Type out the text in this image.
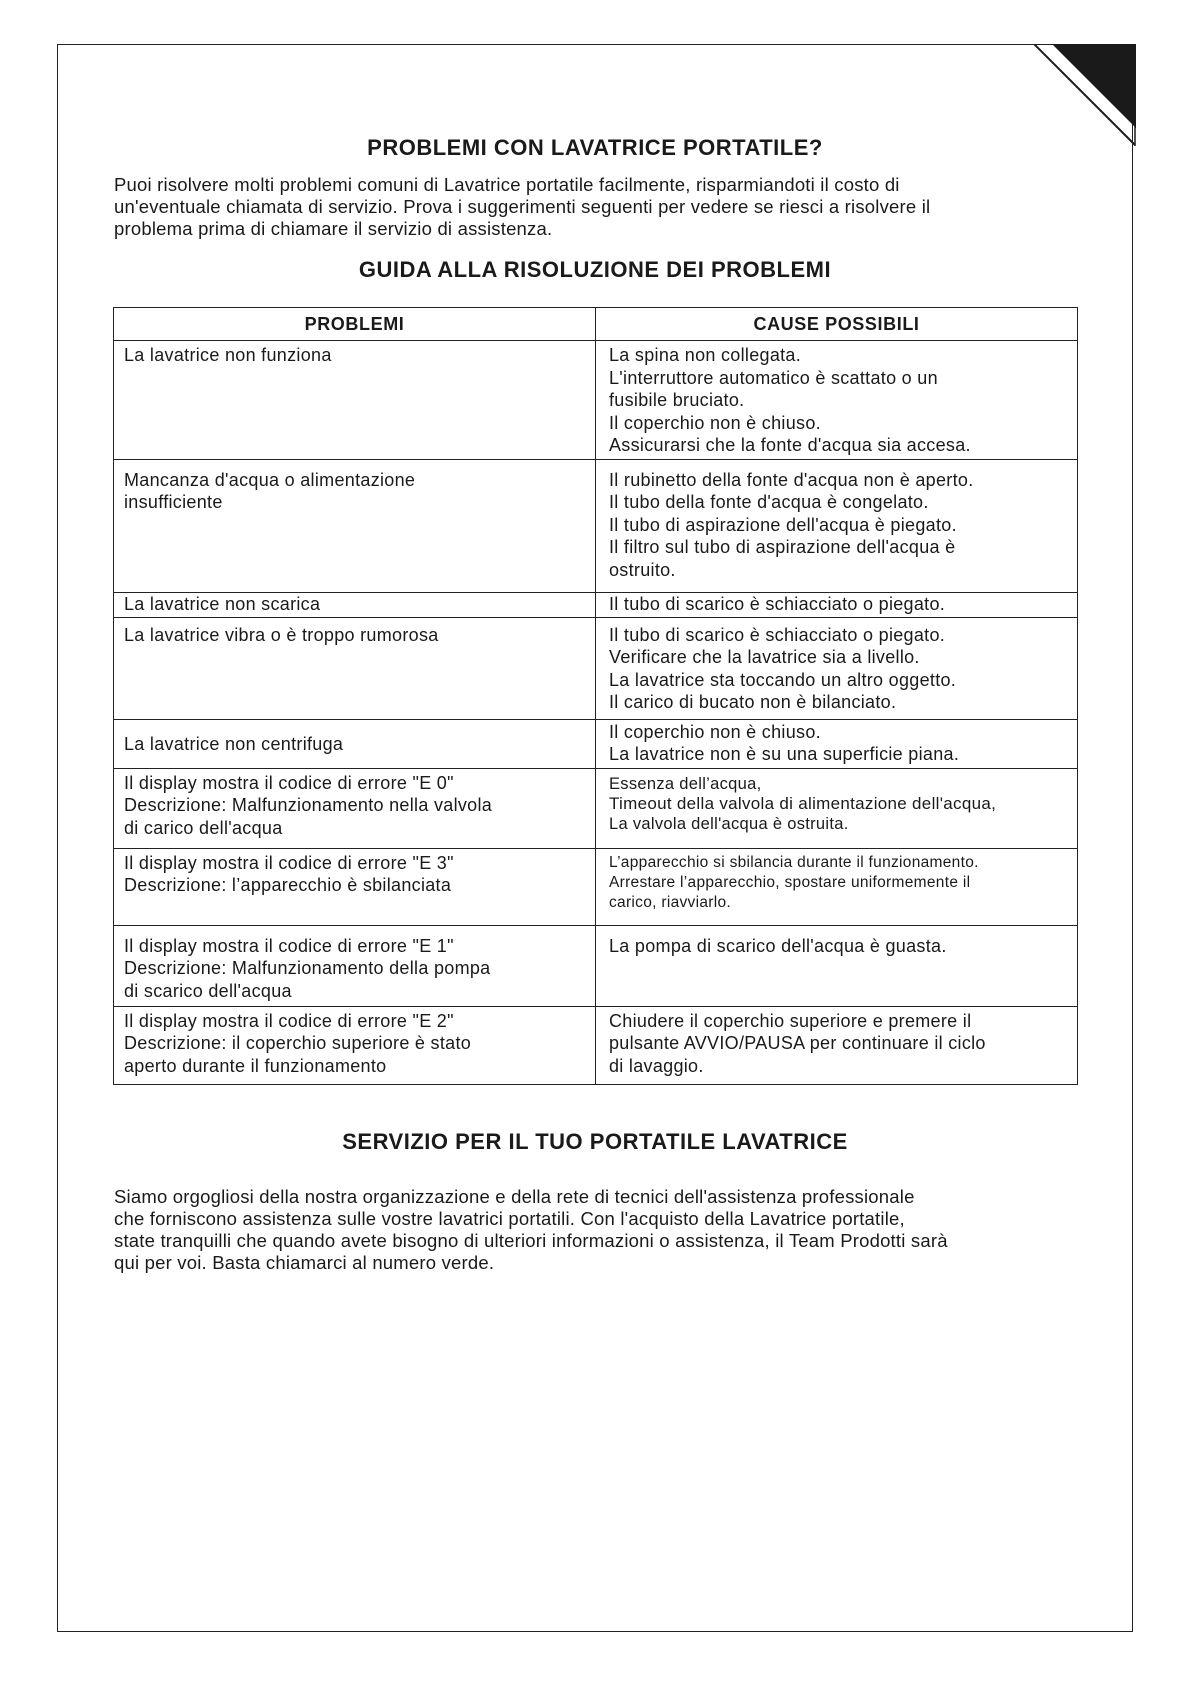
PROBLEMI CON LAVATRICE PORTATILE?
Puoi risolvere molti problemi comuni di Lavatrice portatile facilmente, risparmiandoti il costo di
un'eventuale chiamata di servizio. Prova i suggerimenti seguenti per vedere se riesci a risolvere il
problema prima di chiamare il servizio di assistenza.
GUIDA ALLA RISOLUZIONE DEI PROBLEMI
PROBLEMI	CAUSE POSSIBILI

La lavatrice non funziona	La spina non collegata.
L'interruttore automatico è scattato o un
fusibile bruciato.
Il coperchio non è chiuso.
Assicurarsi che la fonte d'acqua sia accesa.

Mancanza d'acqua o alimentazione
insufficiente	Il rubinetto della fonte d'acqua non è aperto.
Il tubo della fonte d'acqua è congelato.
Il tubo di aspirazione dell'acqua è piegato.
Il filtro sul tubo di aspirazione dell'acqua è
ostruito.

La lavatrice non scarica	Il tubo di scarico è schiacciato o piegato.

La lavatrice vibra o è troppo rumorosa	Il tubo di scarico è schiacciato o piegato.
Verificare che la lavatrice sia a livello.
La lavatrice sta toccando un altro oggetto.
Il carico di bucato non è bilanciato.

La lavatrice non centrifuga	Il coperchio non è chiuso.
La lavatrice non è su una superficie piana.

Il display mostra il codice di errore "E 0"
Descrizione: Malfunzionamento nella valvola
di carico dell'acqua	Essenza dell’acqua,
Timeout della valvola di alimentazione dell'acqua,
La valvola dell'acqua è ostruita.

Il display mostra il codice di errore "E 3"
Descrizione: l’apparecchio è sbilanciata	L’apparecchio si sbilancia durante il funzionamento.
Arrestare l’apparecchio, spostare uniformemente il
carico, riavviarlo.

Il display mostra il codice di errore "E 1"
Descrizione: Malfunzionamento della pompa
di scarico dell'acqua	La pompa di scarico dell'acqua è guasta.

Il display mostra il codice di errore "E 2"
Descrizione: il coperchio superiore è stato
aperto durante il funzionamento	Chiudere il coperchio superiore e premere il
pulsante AVVIO/PAUSA per continuare il ciclo
di lavaggio.
SERVIZIO PER IL TUO PORTATILE LAVATRICE
Siamo orgogliosi della nostra organizzazione e della rete di tecnici dell'assistenza professionale
che forniscono assistenza sulle vostre lavatrici portatili. Con l'acquisto della Lavatrice portatile,
state tranquilli che quando avete bisogno di ulteriori informazioni o assistenza, il Team Prodotti sarà
qui per voi. Basta chiamarci al numero verde.
